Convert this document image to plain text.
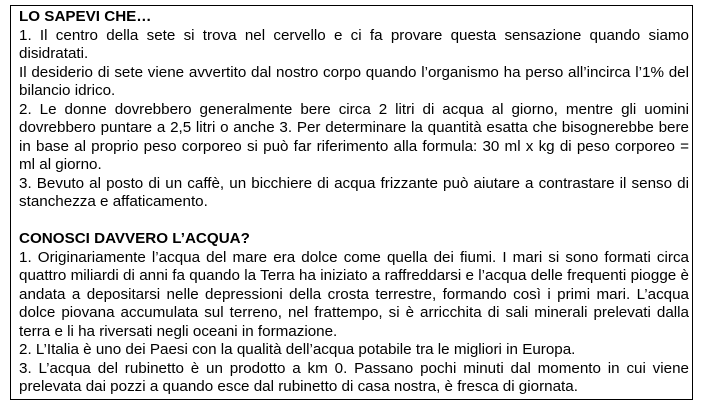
LO SAPEVI CHE…

1. Il centro della sete si trova nel cervello e ci fa provare questa sensazione quando siamo disidratati.

Il desiderio di sete viene avvertito dal nostro corpo quando l’organismo ha perso all’incirca l’1% del bilancio idrico.

2. Le donne dovrebbero generalmente bere circa 2 litri di acqua al giorno, mentre gli uomini dovrebbero puntare a 2,5 litri o anche 3. Per determinare la quantità esatta che bisognerebbe bere in base al proprio peso corporeo si può far riferimento alla formula: 30 ml x kg di peso corporeo = ml al giorno.

3. Bevuto al posto di un caffè, un bicchiere di acqua frizzante può aiutare a contrastare il senso di stanchezza e affaticamento.

CONOSCI DAVVERO L’ACQUA?

1. Originariamente l’acqua del mare era dolce come quella dei fiumi. I mari si sono formati circa quattro miliardi di anni fa quando la Terra ha iniziato a raffreddarsi e l’acqua delle frequenti piogge è andata a depositarsi nelle depressioni della crosta terrestre, formando così i primi mari. L’acqua dolce piovana accumulata sul terreno, nel frattempo, si è arricchita di sali minerali prelevati dalla terra e li ha riversati negli oceani in formazione.

2. L’Italia è uno dei Paesi con la qualità dell’acqua potabile tra le migliori in Europa.

3. L’acqua del rubinetto è un prodotto a km 0. Passano pochi minuti dal momento in cui viene prelevata dai pozzi a quando esce dal rubinetto di casa nostra, è fresca di giornata.
